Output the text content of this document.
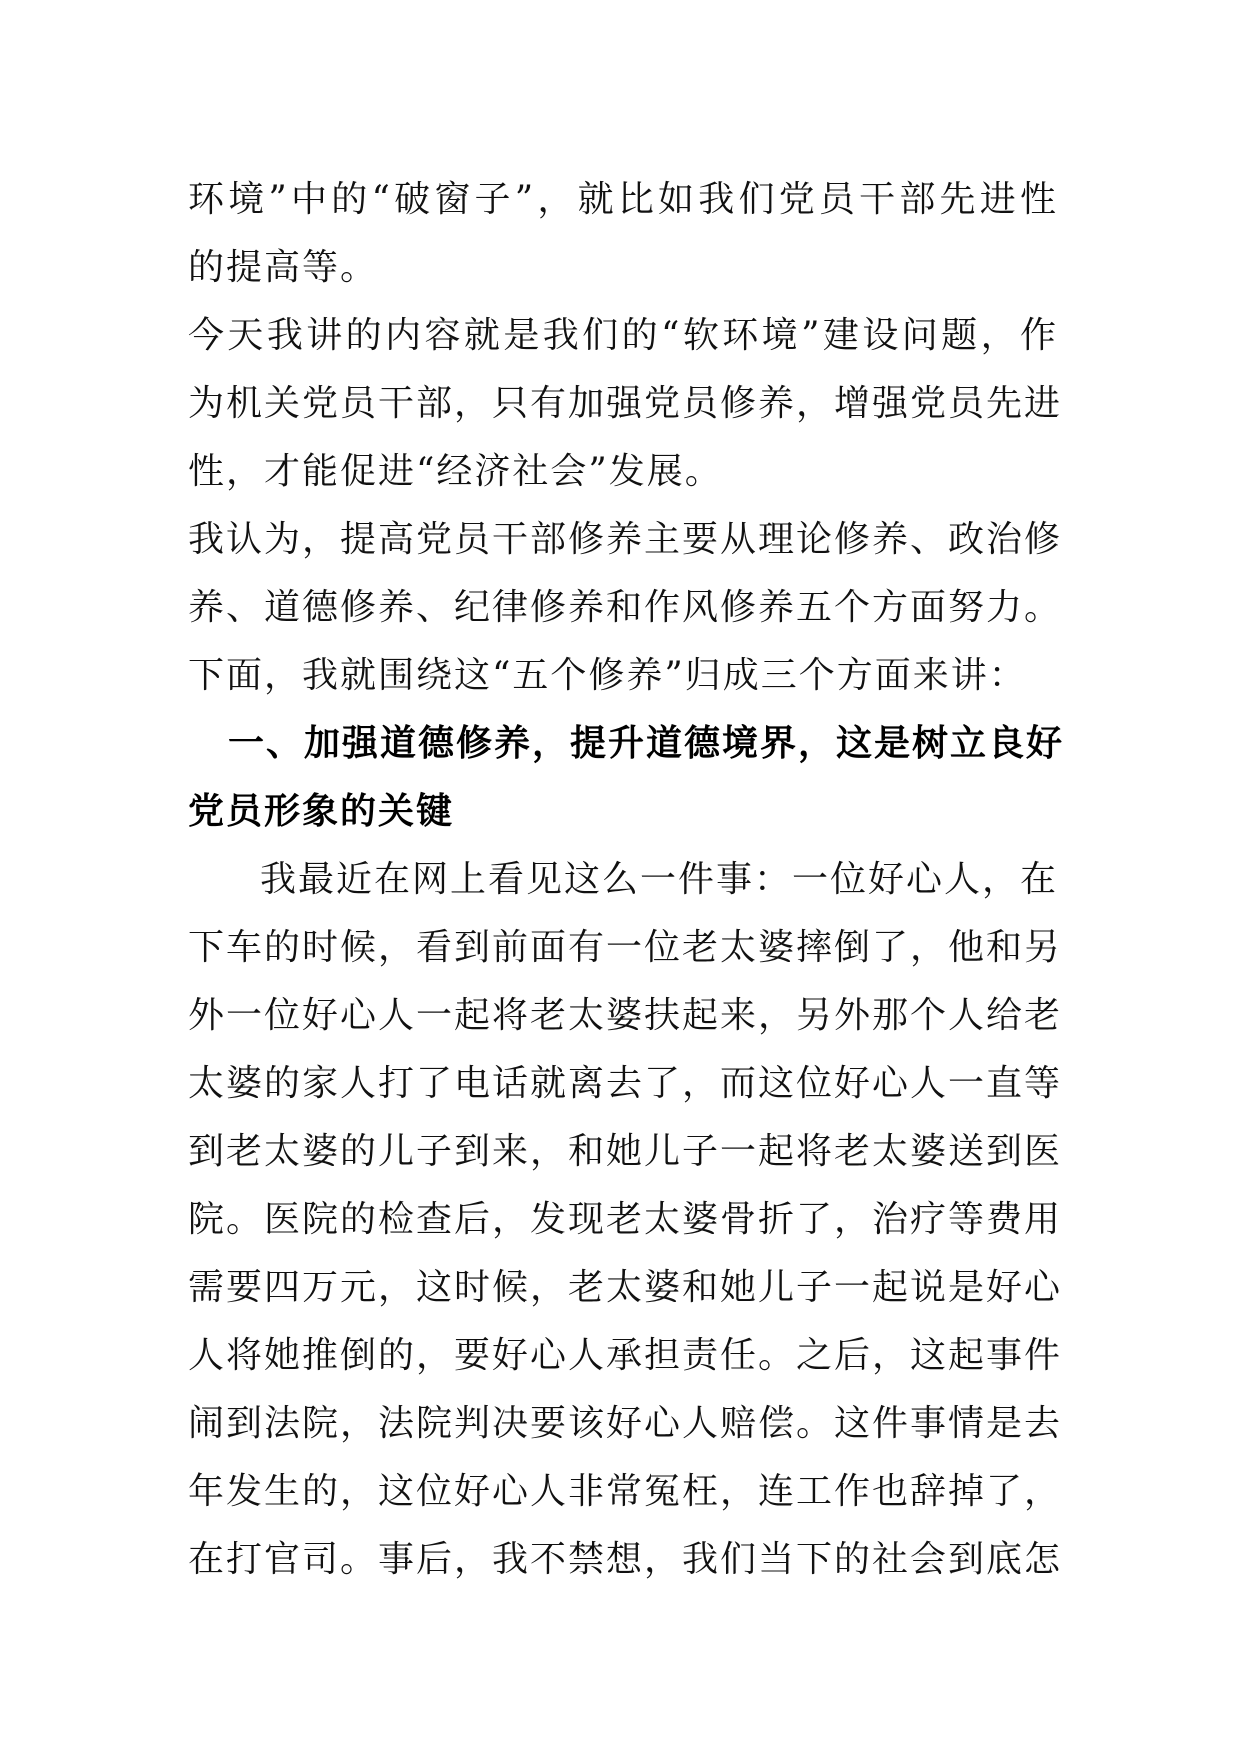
环境”中的“破窗子”，就比如我们党员干部先进性
的提高等。
今天我讲的内容就是我们的“软环境”建设问题，作
为机关党员干部，只有加强党员修养，增强党员先进
性，才能促进“经济社会”发展。
我认为，提高党员干部修养主要从理论修养、政治修
养、道德修养、纪律修养和作风修养五个方面努力。
下面，我就围绕这“五个修养”归成三个方面来讲：
一、加强道德修养，提升道德境界，这是树立良好
党员形象的关键
我最近在网上看见这么一件事：一位好心人，在
下车的时候，看到前面有一位老太婆摔倒了，他和另
外一位好心人一起将老太婆扶起来，另外那个人给老
太婆的家人打了电话就离去了，而这位好心人一直等
到老太婆的儿子到来，和她儿子一起将老太婆送到医
院。医院的检查后，发现老太婆骨折了，治疗等费用
需要四万元，这时候，老太婆和她儿子一起说是好心
人将她推倒的，要好心人承担责任。之后，这起事件
闹到法院，法院判决要该好心人赔偿。这件事情是去
年发生的，这位好心人非常冤枉，连工作也辞掉了，
在打官司。事后，我不禁想，我们当下的社会到底怎
